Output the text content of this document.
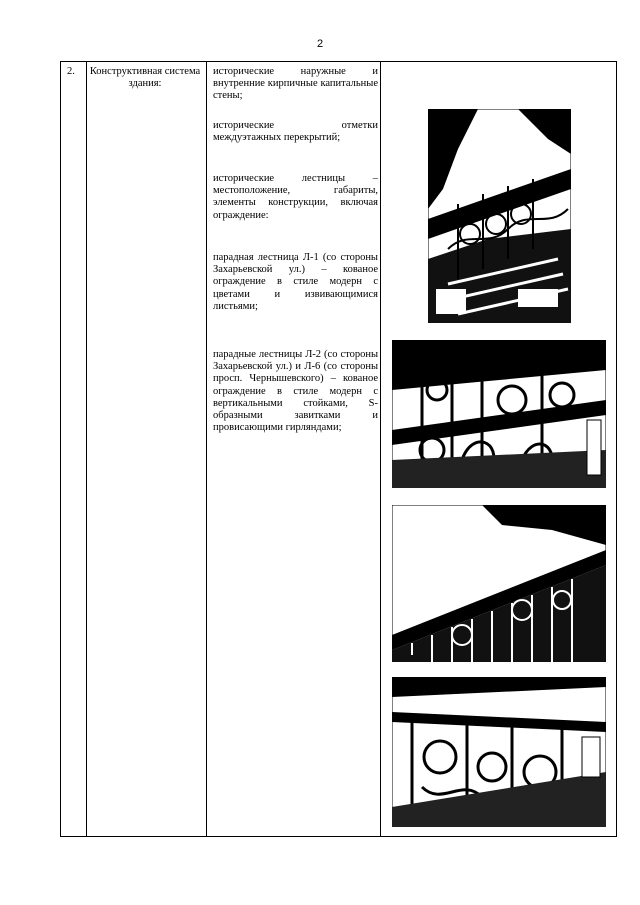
2
2. Конструктивная система здания:
исторические наружные и внутренние кирпичные капитальные стены;
исторические отметки междуэтажных перекрытий;
исторические лестницы – местоположение, габариты, элементы конструкции, включая ограждение:
парадная лестница Л-1 (со стороны Захарьевской ул.) – кованое ограждение в стиле модерн с цветами и извивающимися листьями;
парадные лестницы Л-2 (со стороны Захарьевской ул.) и Л-6 (со стороны просп. Чернышевского) – кованое ограждение в стиле модерн с вертикальными стойками, S-образными завитками и провисающими гирляндами;
